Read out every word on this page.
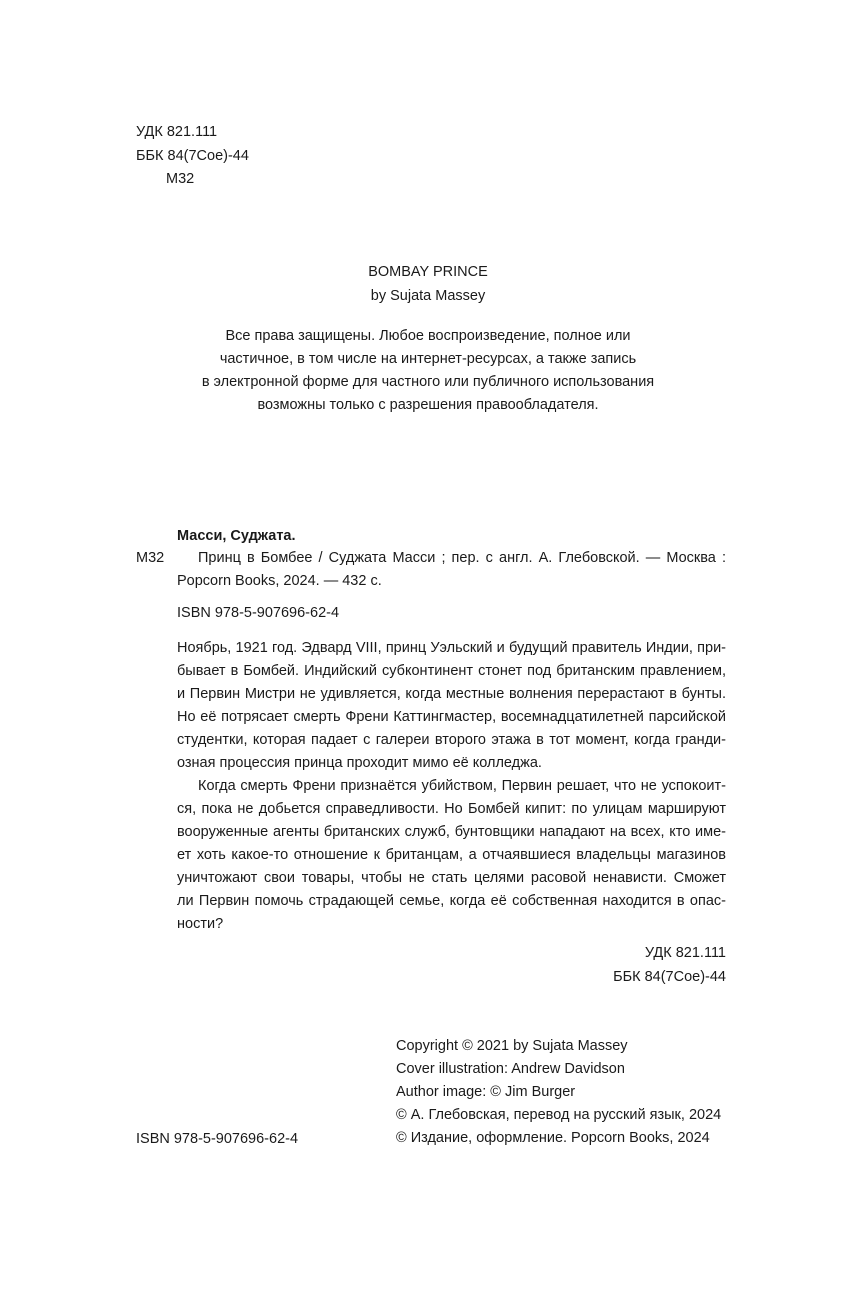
УДК 821.111
ББК 84(7Сое)-44
М32
BOMBAY PRINCE
by Sujata Massey
Все права защищены. Любое воспроизведение, полное или
частичное, в том числе на интернет-ресурсах, а также запись
в электронной форме для частного или публичного использования
возможны только с разрешения правообладателя.
Масси, Суджата.
М32 Принц в Бомбее / Суджата Масси ; пер. с англ. А. Глебовской. — Москва :
Popcorn Books, 2024. — 432 с.
ISBN 978-5-907696-62-4
Ноябрь, 1921 год. Эдвард VIII, принц Уэльский и будущий правитель Индии, при-
бывает в Бомбей. Индийский субконтинент стонет под британским правлением,
и Первин Мистри не удивляется, когда местные волнения перерастают в бунты.
Но её потрясает смерть Френи Каттингмастер, восемнадцатилетней парсийской
студентки, которая падает с галереи второго этажа в тот момент, когда гранди-
озная процессия принца проходит мимо её колледжа.
Когда смерть Френи признаётся убийством, Первин решает, что не успокоит-
ся, пока не добьется справедливости. Но Бомбей кипит: по улицам маршируют
вооруженные агенты британских служб, бунтовщики нападают на всех, кто име-
ет хоть какое-то отношение к британцам, а отчаявшиеся владельцы магазинов
уничтожают свои товары, чтобы не стать целями расовой ненависти. Сможет
ли Первин помочь страдающей семье, когда её собственная находится в опас-
ности?
УДК 821.111
ББК 84(7Сое)-44
Copyright © 2021 by Sujata Massey
Cover illustration: Andrew Davidson
Author image: © Jim Burger
© А. Глебовская, перевод на русский язык, 2024
© Издание, оформление. Popcorn Books, 2024
ISBN 978-5-907696-62-4
